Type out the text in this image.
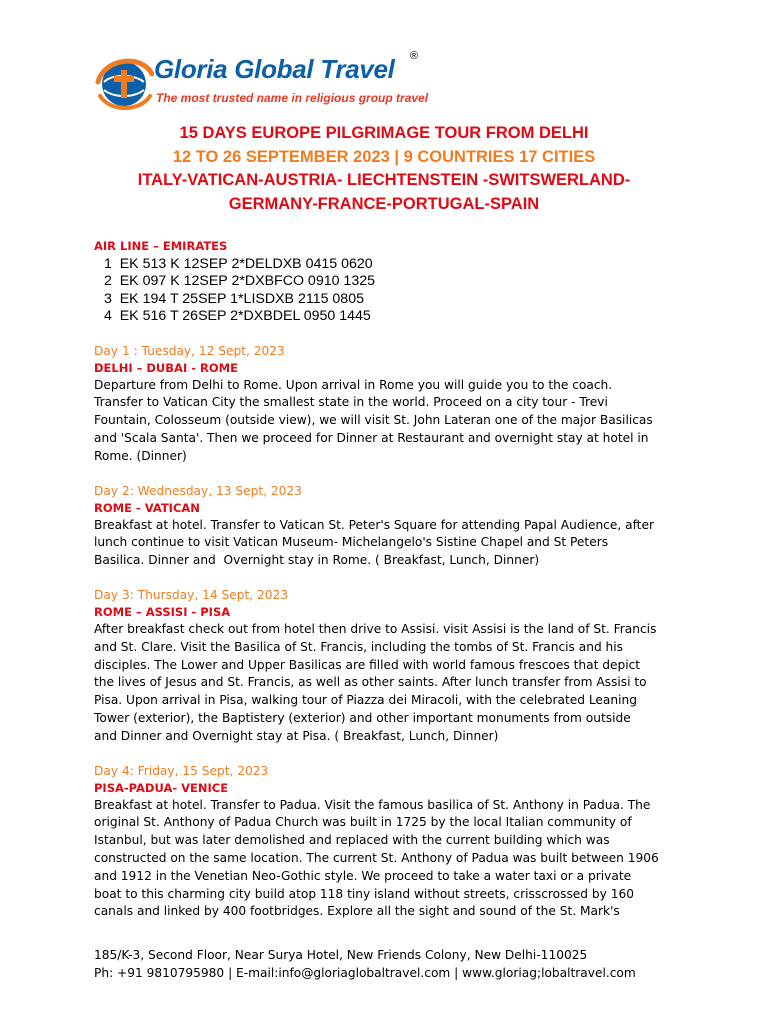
Gloria Global Travel ®
The most trusted name in religious group travel
15 DAYS EUROPE PILGRIMAGE TOUR FROM DELHI
12 TO 26 SEPTEMBER 2023 | 9 COUNTRIES 17 CITIES
ITALY-VATICAN-AUSTRIA- LIECHTENSTEIN -SWITSWERLAND-
GERMANY-FRANCE-PORTUGAL-SPAIN
AIR LINE – EMIRATES
1  EK 513 K 12SEP 2*DELDXB 0415 0620
2  EK 097 K 12SEP 2*DXBFCO 0910 1325
3  EK 194 T 25SEP 1*LISDXB 2115 0805
4  EK 516 T 26SEP 2*DXBDEL 0950 1445
Day 1 : Tuesday, 12 Sept, 2023
DELHI – DUBAI - ROME
Departure from Delhi to Rome. Upon arrival in Rome you will guide you to the coach.
Transfer to Vatican City the smallest state in the world. Proceed on a city tour - Trevi
Fountain, Colosseum (outside view), we will visit St. John Lateran one of the major Basilicas
and 'Scala Santa'. Then we proceed for Dinner at Restaurant and overnight stay at hotel in
Rome. (Dinner)
Day 2: Wednesday, 13 Sept, 2023
ROME - VATICAN
Breakfast at hotel. Transfer to Vatican St. Peter's Square for attending Papal Audience, after
lunch continue to visit Vatican Museum- Michelangelo's Sistine Chapel and St Peters
Basilica. Dinner and  Overnight stay in Rome. ( Breakfast, Lunch, Dinner)
Day 3: Thursday, 14 Sept, 2023
ROME – ASSISI - PISA
After breakfast check out from hotel then drive to Assisi. visit Assisi is the land of St. Francis
and St. Clare. Visit the Basilica of St. Francis, including the tombs of St. Francis and his
disciples. The Lower and Upper Basilicas are filled with world famous frescoes that depict
the lives of Jesus and St. Francis, as well as other saints. After lunch transfer from Assisi to
Pisa. Upon arrival in Pisa, walking tour of Piazza dei Miracoli, with the celebrated Leaning
Tower (exterior), the Baptistery (exterior) and other important monuments from outside
and Dinner and Overnight stay at Pisa. ( Breakfast, Lunch, Dinner)
Day 4: Friday, 15 Sept, 2023
PISA-PADUA- VENICE
Breakfast at hotel. Transfer to Padua. Visit the famous basilica of St. Anthony in Padua. The
original St. Anthony of Padua Church was built in 1725 by the local Italian community of
Istanbul, but was later demolished and replaced with the current building which was
constructed on the same location. The current St. Anthony of Padua was built between 1906
and 1912 in the Venetian Neo-Gothic style. We proceed to take a water taxi or a private
boat to this charming city build atop 118 tiny island without streets, crisscrossed by 160
canals and linked by 400 footbridges. Explore all the sight and sound of the St. Mark's
185/K-3, Second Floor, Near Surya Hotel, New Friends Colony, New Delhi-110025
Ph: +91 9810795980 | E-mail:info@gloriaglobaltravel.com | www.gloriag;lobaltravel.com
